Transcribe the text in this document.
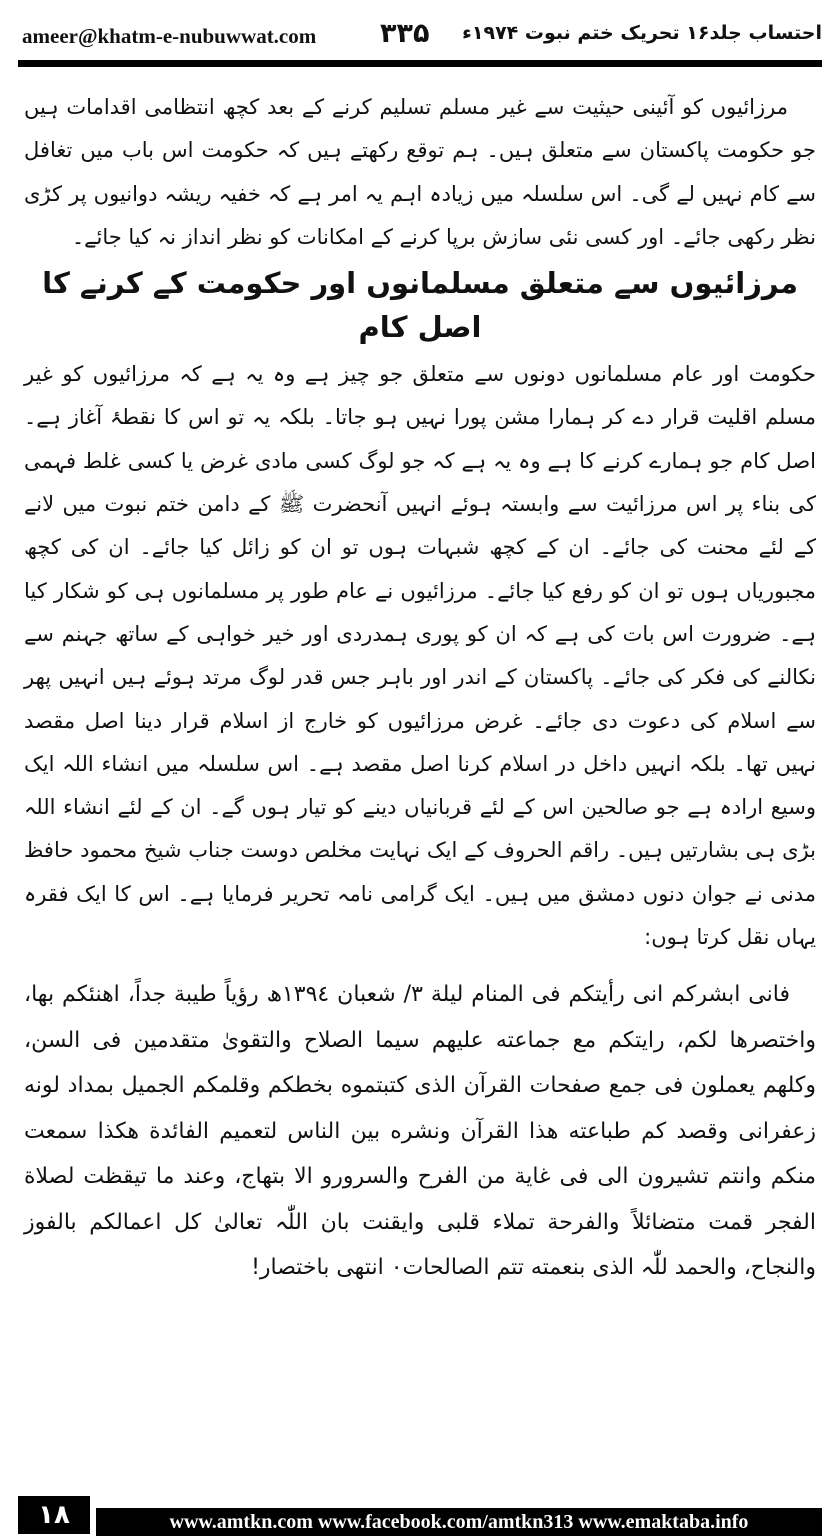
ameer@khatm-e-nubuwwat.com ۳۳۵ احتساب جلد۱۶ تحریک ختم نبوت ۱۹۷۴ء

مرزائیوں کو آئینی حیثیت سے غیر مسلم تسلیم کرنے کے بعد کچھ انتظامی اقدامات ہیں جو حکومت پاکستان سے متعلق ہیں۔ ہم توقع رکھتے ہیں کہ حکومت اس باب میں تغافل سے کام نہیں لے گی۔ اس سلسلہ میں زیادہ اہم یہ امر ہے کہ خفیہ ریشہ دوانیوں پر کڑی نظر رکھی جائے۔ اور کسی نئی سازش برپا کرنے کے امکانات کو نظر انداز نہ کیا جائے۔

مرزائیوں سے متعلق مسلمانوں اور حکومت کے کرنے کا اصل کام

حکومت اور عام مسلمانوں دونوں سے متعلق جو چیز ہے وہ یہ ہے کہ مرزائیوں کو غیر مسلم اقلیت قرار دے کر ہمارا مشن پورا نہیں ہو جاتا۔ بلکہ یہ تو اس کا نقطۂ آغاز ہے۔ اصل کام جو ہمارے کرنے کا ہے وہ یہ ہے کہ جو لوگ کسی مادی غرض یا کسی غلط فہمی کی بناء پر اس مرزائیت سے وابستہ ہوئے انہیں آنحضرت ﷺ کے دامن ختم نبوت میں لانے کے لئے محنت کی جائے۔ ان کے کچھ شبہات ہوں تو ان کو زائل کیا جائے۔ ان کی کچھ مجبوریاں ہوں تو ان کو رفع کیا جائے۔ مرزائیوں نے عام طور پر مسلمانوں ہی کو شکار کیا ہے۔ ضرورت اس بات کی ہے کہ ان کو پوری ہمدردی اور خیر خواہی کے ساتھ جہنم سے نکالنے کی فکر کی جائے۔ پاکستان کے اندر اور باہر جس قدر لوگ مرتد ہوئے ہیں انہیں پھر سے اسلام کی دعوت دی جائے۔ غرض مرزائیوں کو خارج از اسلام قرار دینا اصل مقصد نہیں تھا۔ بلکہ انہیں داخل در اسلام کرنا اصل مقصد ہے۔ اس سلسلہ میں انشاء اللہ ایک وسیع ارادہ ہے جو صالحین اس کے لئے قربانیاں دینے کو تیار ہوں گے۔ ان کے لئے انشاء اللہ بڑی ہی بشارتیں ہیں۔ راقم الحروف کے ایک نہایت مخلص دوست جناب شیخ محمود حافظ مدنی نے جوان دنوں دمشق میں ہیں۔ ایک گرامی نامہ تحریر فرمایا ہے۔ اس کا ایک فقرہ یہاں نقل کرتا ہوں:

فانی ابشرکم انی رأیتکم فی المنام لیلة ۳/ شعبان ۱۳۹٤ھ رؤیاً طیبة جداً، اھنئکم بھا، واختصرھا لکم، رایتکم مع جماعته علیھم سیما الصلاح والتقوىٰ متقدمین فی السن، وکلھم یعملون فی جمع صفحات القرآن الذی کتبتموه بخطکم وقلمکم الجمیل بمداد لونه زعفرانی وقصد کم طباعته ھذا القرآن ونشره بین الناس لتعمیم الفائدة ھکذا سمعت منکم وانتم تشیرون الی فی غایة من الفرح والسرورو الا بتھاج، وعند ما تیقظت لصلاة الفجر قمت متضائلاً والفرحة تملاء قلبی وایقنت بان اللّٰہ تعالیٰ کل اعمالکم بالفوز والنجاح، والحمد للّٰہ الذی بنعمته تتم الصالحات۰ انتھی باختصار!

۱۸	www.amtkn.com www.facebook.com/amtkn313 www.emaktaba.info
